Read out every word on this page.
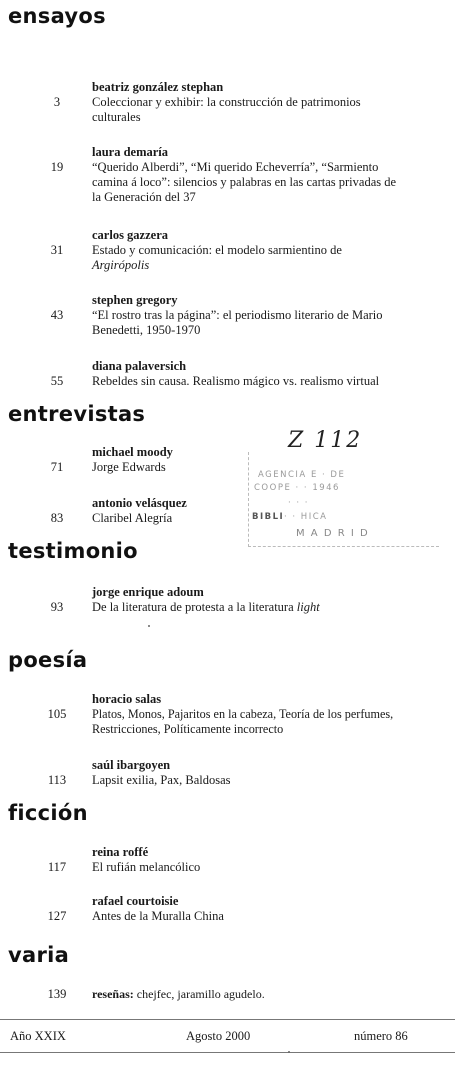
ensayos
entrevistas
testimonio
poesía
ficción
varia
beatriz gonzález stephan
3	Coleccionar y exhibir: la construcción de patrimonios
culturales
laura demaría
19	“Querido Alberdi”, “Mi querido Echeverría”, “Sarmiento
camina á loco”: silencios y palabras en las cartas privadas de
la Generación del 37
carlos gazzera
31	Estado y comunicación: el modelo sarmientino de
Argirópolis
stephen gregory
43	“El rostro tras la página”: el periodismo literario de Mario
Benedetti, 1950-1970
diana palaversich
55	Rebeldes sin causa. Realismo mágico vs. realismo virtual
michael moody
71	Jorge Edwards
antonio velásquez
83	Claribel Alegría
Z 112
AGENCIA E · DE
COOPE · · 1946
· · ·
BIBLI · · HICA
M A D R I D
jorge enrique adoum
93	De la literatura de protesta a la literatura light
horacio salas
105	Platos, Monos, Pajaritos en la cabeza, Teoría de los perfumes,
Restricciones, Políticamente incorrecto
saúl ibargoyen
113	Lapsit exilia, Pax, Baldosas
reina roffé
117	El rufián melancólico
rafael courtoisie
127	Antes de la Muralla China
139	reseñas: chejfec, jaramillo agudelo.
Año XXIX	Agosto 2000	número 86
